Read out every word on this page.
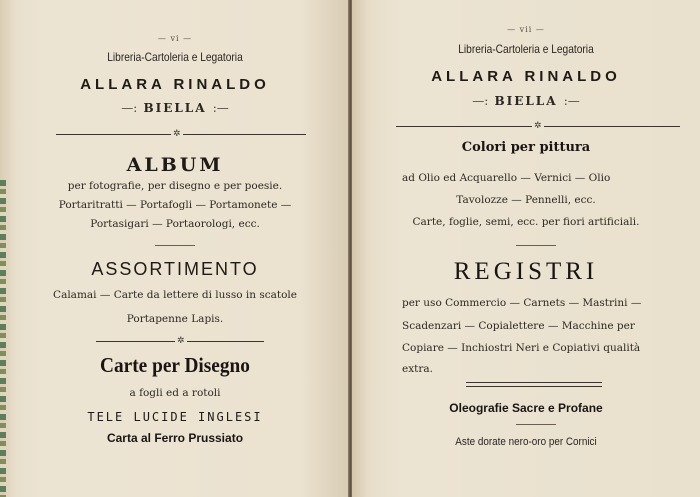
— vi —
Libreria-Cartoleria e Legatoria
ALLARA RINALDO
—: BIELLA :—
✲
ALBUM
per fotografie, per disegno e per poesie.
Portaritratti — Portafogli — Portamonete —
Portasigari — Portaorologi, ecc.
ASSORTIMENTO
Calamai — Carte da lettere di lusso in scatole
Portapenne Lapis.
✲
Carte per Disegno
a fogli ed a rotoli
TELE LUCIDE INGLESI
Carta al Ferro Prussiato
— vii —
Libreria-Cartoleria e Legatoria
ALLARA RINALDO
—: BIELLA :—
✲
Colori per pittura
ad Olio ed Acquarello — Vernici — Olio
Tavolozze — Pennelli, ecc.
Carte, foglie, semi, ecc. per fiori artificiali.
REGISTRI
per uso Commercio — Carnets — Mastrini —
Scadenzari — Copialettere — Macchine per
Copiare — Inchiostri Neri e Copiativi qualità
extra.
Oleografie Sacre e Profane
Aste dorate nero-oro per Cornici
